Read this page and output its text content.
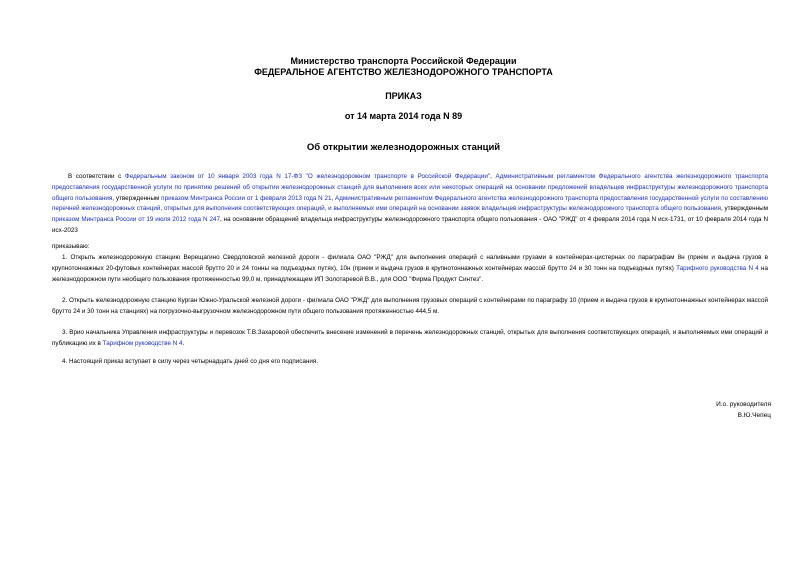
Министерство транспорта Российской Федерации
ФЕДЕРАЛЬНОЕ АГЕНТСТВО ЖЕЛЕЗНОДОРОЖНОГО ТРАНСПОРТА
ПРИКАЗ
от 14 марта 2014 года N 89
Об открытии железнодорожных станций
В соответствии с Федеральным законом от 10 января 2003 года N 17-ФЗ "О железнодорожном транспорте в Российской Федерации", Административным регламентом Федерального агентства железнодорожного транспорта предоставления государственной услуги по принятию решений об открытии железнодорожных станций для выполнения всех или некоторых операций на основании предложений владельцев инфраструктуры железнодорожного транспорта общего пользования, утвержденным приказом Минтранса России от 1 февраля 2013 года N 21, Административным регламентом Федерального агентства железнодорожного транспорта предоставления государственной услуги по составлению перечней железнодорожных станций, открытых для выполнения соответствующих операций, и выполняемых ими операций на основании заявок владельцев инфраструктуры железнодорожного транспорта общего пользования, утвержденным приказом Минтранса России от 19 июля 2012 года N 247, на основании обращений владельца инфраструктуры железнодорожного транспорта общего пользования - ОАО "РЖД" от 4 февраля 2014 года N исх-1731, от 10 февраля 2014 года N исх-2023
приказываю:
1. Открыть железнодорожную станцию Верещагино Свердловской железной дороги - филиала ОАО "РЖД" для выполнения операций с наливными грузами в контейнерах-цистернах по параграфам 8н (прием и выдача грузов в крупнотоннажных 20-футовых контейнерах массой брутто 20 и 24 тонны на подъездных путях), 10н (прием и выдача грузов в крупнотоннажных контейнерах массой брутто 24 и 30 тонн на подъездных путях) Тарифного руководства N 4 на железнодорожном пути необщего пользования протяженностью 99,0 м, принадлежащем ИП Золотаревой В.В., для ООО "Фирма Продукт Синтез".
2. Открыть железнодорожную станцию Курган Южно-Уральской железной дороги - филиала ОАО "РЖД" для выполнения грузовых операций с контейнерами по параграфу 10 (прием и выдача грузов в крупнотоннажных контейнерах массой брутто 24 и 30 тонн на станциях) на погрузочно-выгрузочном железнодорожном пути общего пользования протяженностью 444,5 м.
3. Врио начальника Управления инфраструктуры и перевозок Т.В.Захаровой обеспечить внесение изменений в перечень железнодорожных станций, открытых для выполнения соответствующих операций, и выполняемых ими операций и публикацию их в Тарифном руководстве N 4.
4. Настоящий приказ вступает в силу через четырнадцать дней со дня его подписания.
И.о. руководителя
В.Ю.Чепец
